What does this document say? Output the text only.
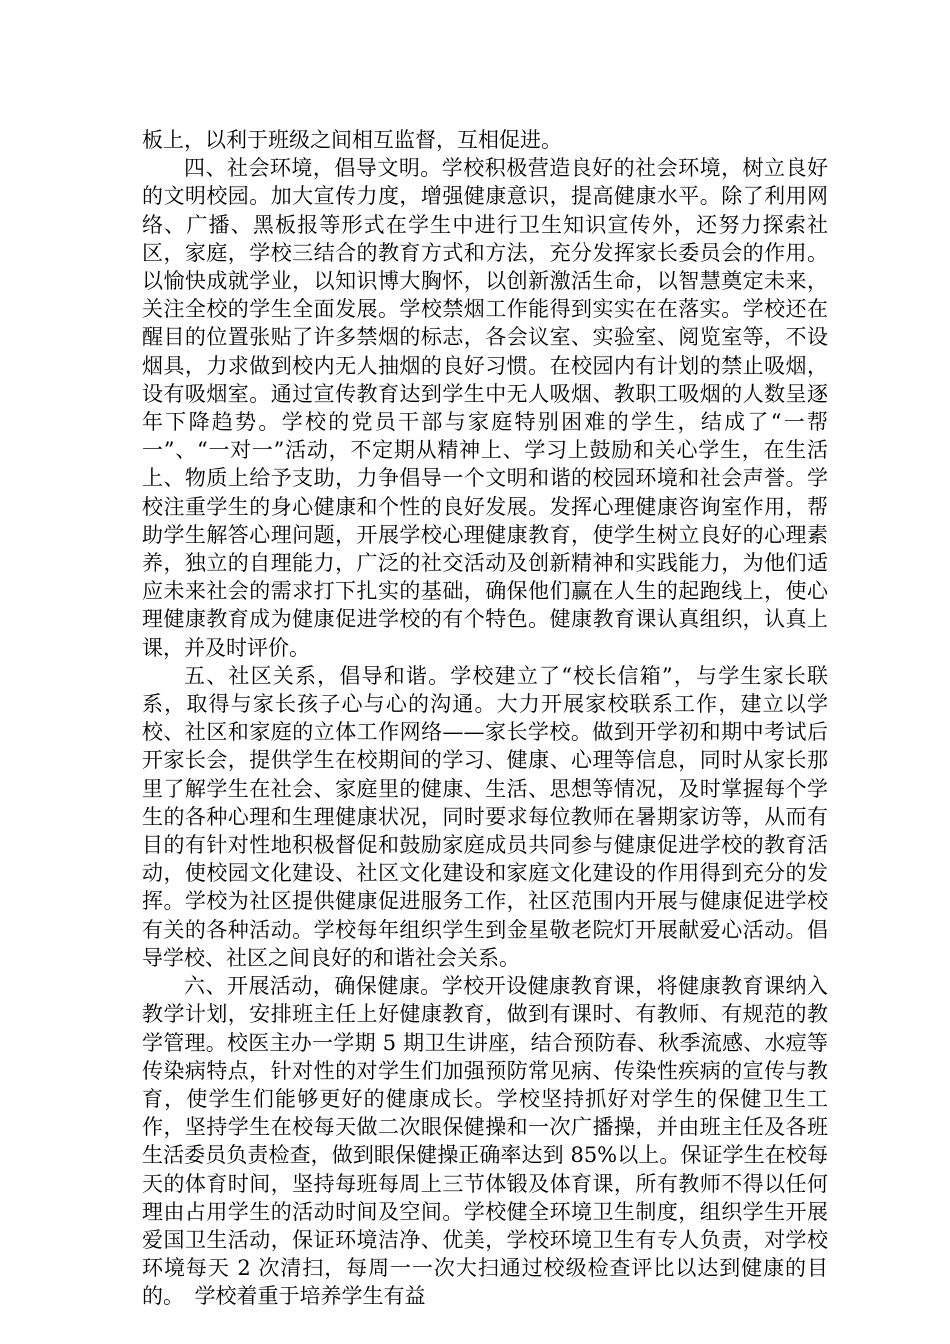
板上，以利于班级之间相互监督，互相促进。

四、社会环境，倡导文明。学校积极营造良好的社会环境，树立良好的文明校园。加大宣传力度，增强健康意识，提高健康水平。除了利用网络、广播、黑板报等形式在学生中进行卫生知识宣传外，还努力探索社区，家庭，学校三结合的教育方式和方法，充分发挥家长委员会的作用。以愉快成就学业，以知识博大胸怀，以创新激活生命，以智慧奠定未来，关注全校的学生全面发展。学校禁烟工作能得到实实在在落实。学校还在醒目的位置张贴了许多禁烟的标志，各会议室、实验室、阅览室等，不设烟具，力求做到校内无人抽烟的良好习惯。在校园内有计划的禁止吸烟，设有吸烟室。通过宣传教育达到学生中无人吸烟、教职工吸烟的人数呈逐年下降趋势。学校的党员干部与家庭特别困难的学生，结成了“一帮一”、“一对一”活动，不定期从精神上、学习上鼓励和关心学生，在生活上、物质上给予支助，力争倡导一个文明和谐的校园环境和社会声誉。学校注重学生的身心健康和个性的良好发展。发挥心理健康咨询室作用，帮助学生解答心理问题，开展学校心理健康教育，使学生树立良好的心理素养，独立的自理能力，广泛的社交活动及创新精神和实践能力，为他们适应未来社会的需求打下扎实的基础，确保他们赢在人生的起跑线上，使心理健康教育成为健康促进学校的有个特色。健康教育课认真组织，认真上课，并及时评价。

五、社区关系，倡导和谐。学校建立了“校长信箱”，与学生家长联系，取得与家长孩子心与心的沟通。大力开展家校联系工作，建立以学校、社区和家庭的立体工作网络——家长学校。做到开学初和期中考试后开家长会，提供学生在校期间的学习、健康、心理等信息，同时从家长那里了解学生在社会、家庭里的健康、生活、思想等情况，及时掌握每个学生的各种心理和生理健康状况，同时要求每位教师在暑期家访等，从而有目的有针对性地积极督促和鼓励家庭成员共同参与健康促进学校的教育活动，使校园文化建设、社区文化建设和家庭文化建设的作用得到充分的发挥。学校为社区提供健康促进服务工作，社区范围内开展与健康促进学校有关的各种活动。学校每年组织学生到金星敬老院灯开展献爱心活动。倡导学校、社区之间良好的和谐社会关系。

六、开展活动，确保健康。学校开设健康教育课，将健康教育课纳入教学计划，安排班主任上好健康教育，做到有课时、有教师、有规范的教学管理。校医主办一学期 5 期卫生讲座，结合预防春、秋季流感、水痘等传染病特点，针对性的对学生们加强预防常见病、传染性疾病的宣传与教育，使学生们能够更好的健康成长。学校坚持抓好对学生的保健卫生工作，坚持学生在校每天做二次眼保健操和一次广播操，并由班主任及各班生活委员负责检查，做到眼保健操正确率达到 85%以上。保证学生在校每天的体育时间，坚持每班每周上三节体锻及体育课，所有教师不得以任何理由占用学生的活动时间及空间。学校健全环境卫生制度，组织学生开展爱国卫生活动，保证环境洁净、优美，学校环境卫生有专人负责，对学校环境每天 2 次清扫，每周一一次大扫通过校级检查评比以达到健康的目的。　学校着重于培养学生有益
